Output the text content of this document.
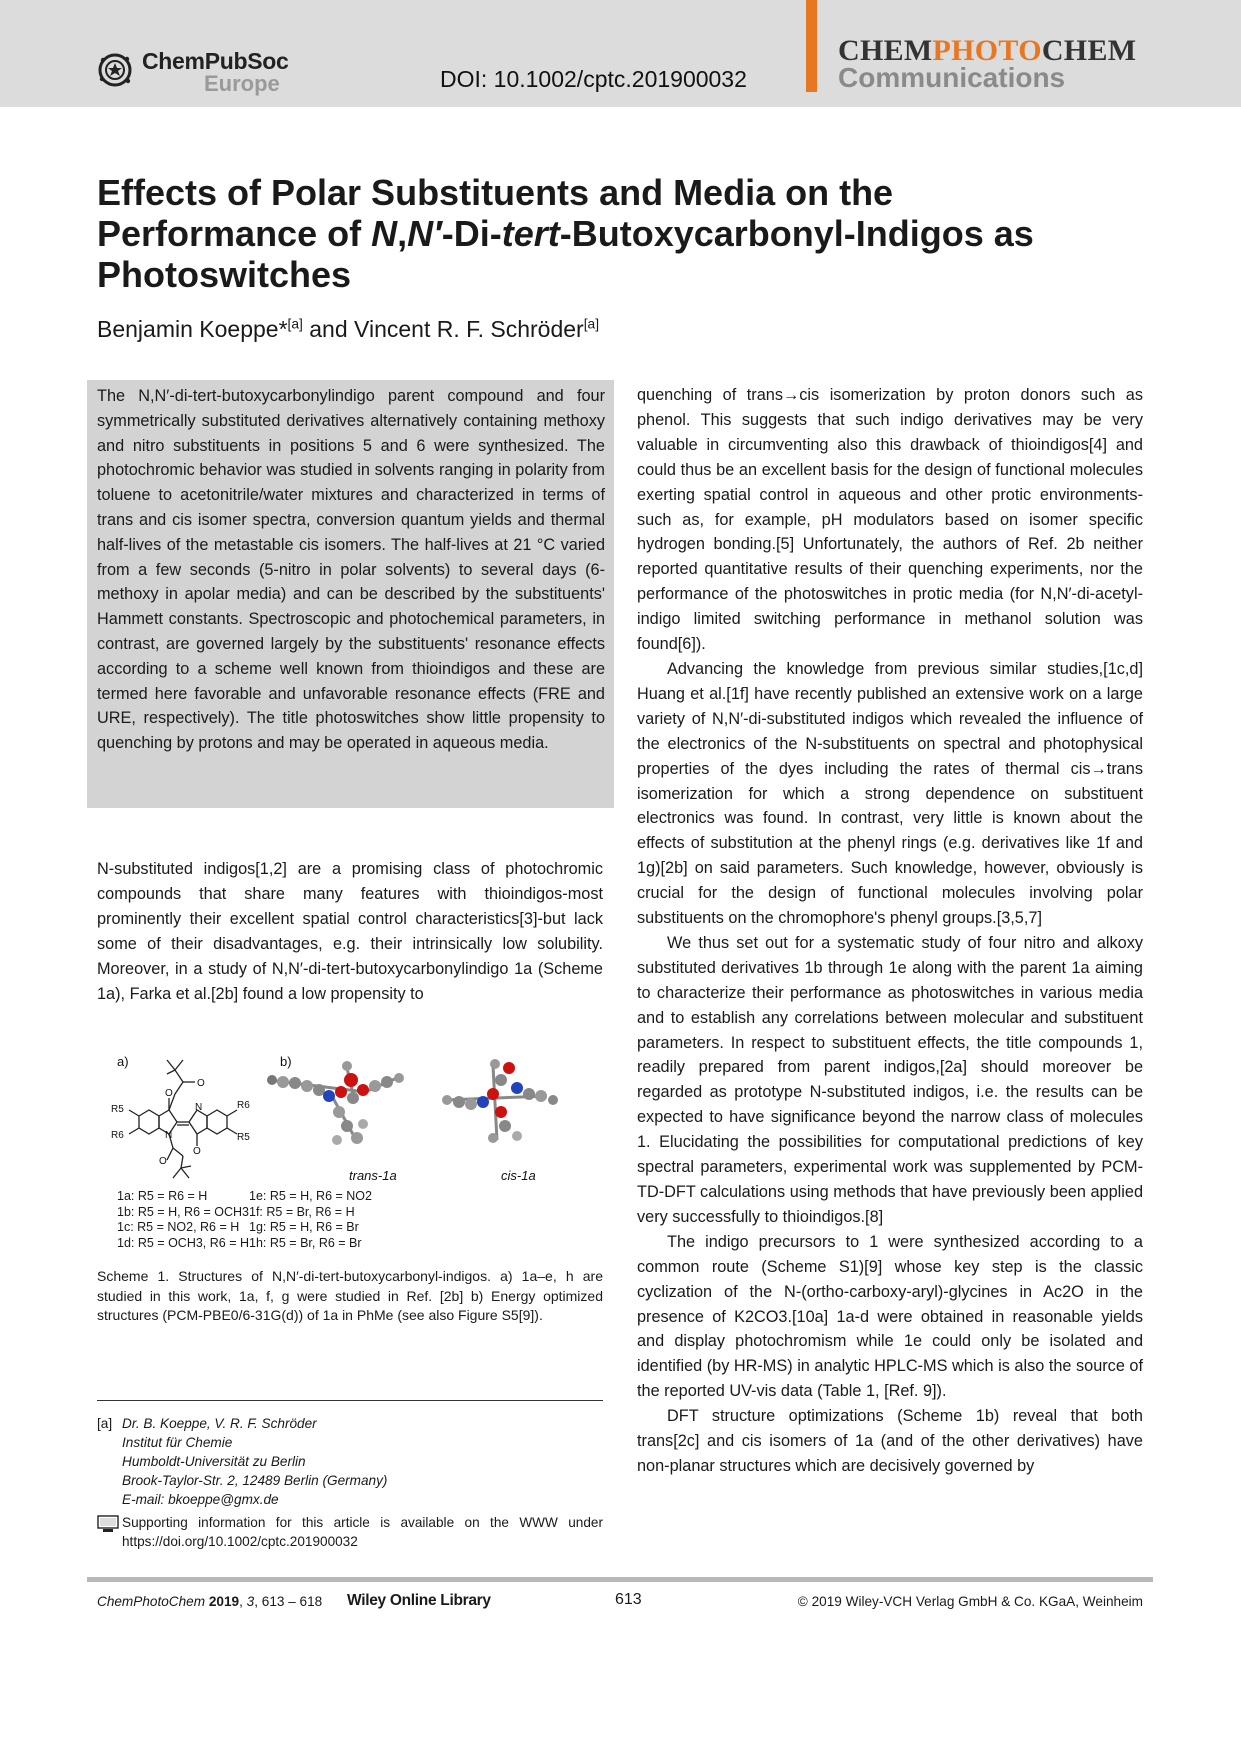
ChemPubSoc
Europe	DOI: 10.1002/cptc.201900032
CHEMPHOTOCHEM
Communications
Effects of Polar Substituents and Media on the
Performance of N,N′-Di-tert-Butoxycarbonyl-Indigos as
Photoswitches
Benjamin Koeppe*[a] and Vincent R. F. Schröder[a]
The N,N′-di-tert-butoxycarbonylindigo parent compound and four symmetrically substituted derivatives alternatively containing methoxy and nitro substituents in positions 5 and 6 were synthesized. The photochromic behavior was studied in solvents ranging in polarity from toluene to acetonitrile/water mixtures and characterized in terms of trans and cis isomer spectra, conversion quantum yields and thermal half-lives of the metastable cis isomers. The half-lives at 21 °C varied from a few seconds (5-nitro in polar solvents) to several days (6-methoxy in apolar media) and can be described by the substituents' Hammett constants. Spectroscopic and photochemical parameters, in contrast, are governed largely by the substituents' resonance effects according to a scheme well known from thioindigos and these are termed here favorable and unfavorable resonance effects (FRE and URE, respectively). The title photoswitches show little propensity to quenching by protons and may be operated in aqueous media.

N-substituted indigos[1,2] are a promising class of photochromic compounds that share many features with thioindigos-most prominently their excellent spatial control characteristics[3]-but lack some of their disadvantages, e.g. their intrinsically low solubility. Moreover, in a study of N,N′-di-tert-butoxycarbonylindigo 1a (Scheme 1a), Farka et al.[2b] found a low propensity to

R5
R6
R6
R5
N
N
O
O
O
O
a)	b)
trans-1a	cis-1a
1a: R5 = R6 = H	1e: R5 = H, R6 = NO2
1b: R5 = H, R6 = OCH31f: R5 = Br, R6 = H
1c: R5 = NO2, R6 = H 1g: R5 = H, R6 = Br
1d: R5 = OCH3, R6 = H1h: R5 = Br, R6 = Br

Scheme 1. Structures of N,N′-di-tert-butoxycarbonyl-indigos. a) 1a–e, h are studied in this work, 1a, f, g were studied in Ref. [2b] b) Energy optimized structures (PCM-PBE0/6-31G(d)) of 1a in PhMe (see also Figure S5[9]).

[a] Dr. B. Koeppe, V. R. F. Schröder
Institut für Chemie
Humboldt-Universität zu Berlin
Brook-Taylor-Str. 2, 12489 Berlin (Germany)
E-mail: bkoeppe@gmx.de
Supporting information for this article is available on the WWW under https://doi.org/10.1002/cptc.201900032

quenching of trans→cis isomerization by proton donors such as phenol. This suggests that such indigo derivatives may be very valuable in circumventing also this drawback of thioindigos[4] and could thus be an excellent basis for the design of functional molecules exerting spatial control in aqueous and other protic environments-such as, for example, pH modulators based on isomer specific hydrogen bonding.[5] Unfortunately, the authors of Ref. 2b neither reported quantitative results of their quenching experiments, nor the performance of the photoswitches in protic media (for N,N′-di-acetyl-indigo limited switching performance in methanol solution was found[6]).

Advancing the knowledge from previous similar studies,[1c,d] Huang et al.[1f] have recently published an extensive work on a large variety of N,N′-di-substituted indigos which revealed the influence of the electronics of the N-substituents on spectral and photophysical properties of the dyes including the rates of thermal cis→trans isomerization for which a strong dependence on substituent electronics was found. In contrast, very little is known about the effects of substitution at the phenyl rings (e.g. derivatives like 1f and 1g)[2b] on said parameters. Such knowledge, however, obviously is crucial for the design of functional molecules involving polar substituents on the chromophore's phenyl groups.[3,5,7]

We thus set out for a systematic study of four nitro and alkoxy substituted derivatives 1b through 1e along with the parent 1a aiming to characterize their performance as photoswitches in various media and to establish any correlations between molecular and substituent parameters. In respect to substituent effects, the title compounds 1, readily prepared from parent indigos,[2a] should moreover be regarded as prototype N-substituted indigos, i.e. the results can be expected to have significance beyond the narrow class of molecules 1. Elucidating the possibilities for computational predictions of key spectral parameters, experimental work was supplemented by PCM-TD-DFT calculations using methods that have previously been applied very successfully to thioindigos.[8]

The indigo precursors to 1 were synthesized according to a common route (Scheme S1)[9] whose key step is the classic cyclization of the N-(ortho-carboxy-aryl)-glycines in Ac2O in the presence of K2CO3.[10a] 1a-d were obtained in reasonable yields and display photochromism while 1e could only be isolated and identified (by HR-MS) in analytic HPLC-MS which is also the source of the reported UV-vis data (Table 1, [Ref. 9]).

DFT structure optimizations (Scheme 1b) reveal that both trans[2c] and cis isomers of 1a (and of the other derivatives) have non-planar structures which are decisively governed by

ChemPhotoChem 2019, 3, 613 – 618 Wiley Online Library	613	© 2019 Wiley-VCH Verlag GmbH & Co. KGaA, Weinheim
